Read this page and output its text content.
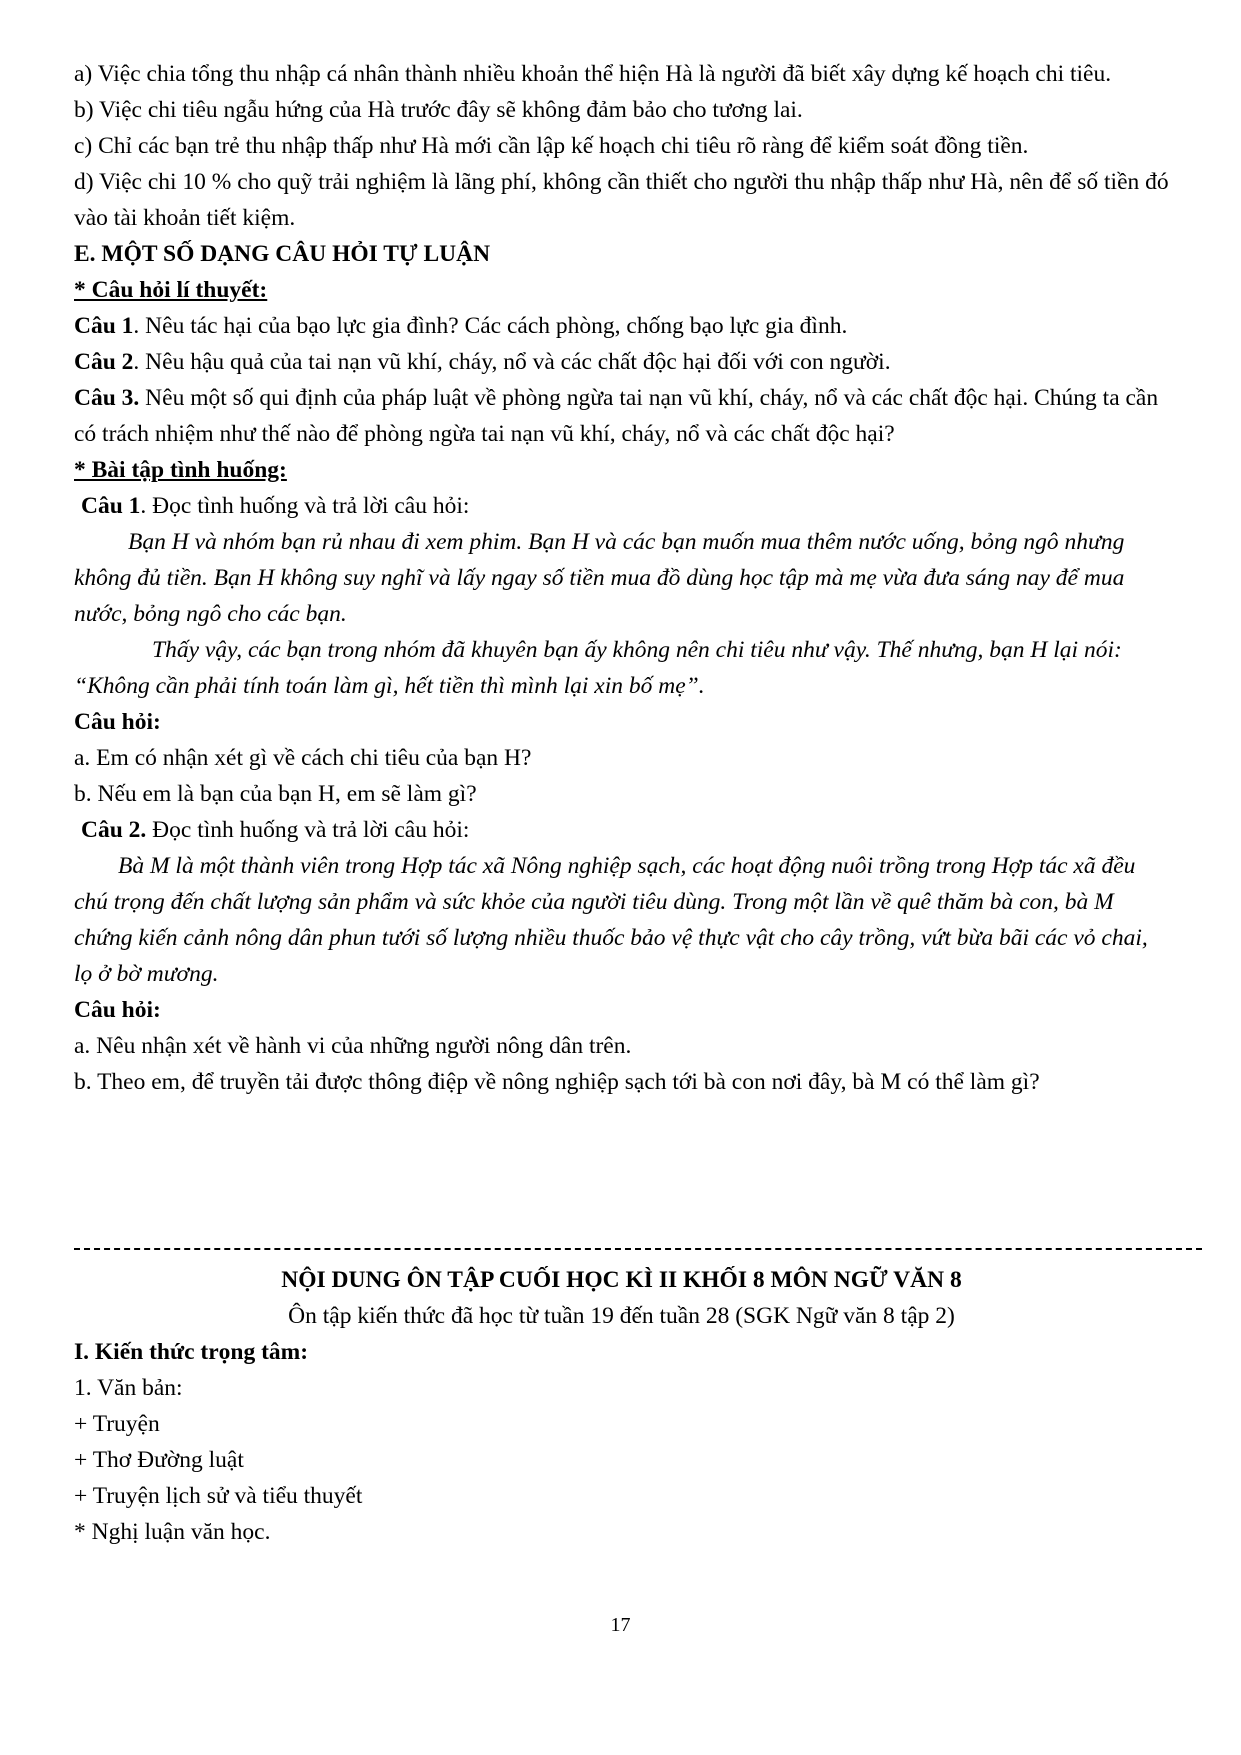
a) Việc chia tổng thu nhập cá nhân thành nhiều khoản thể hiện Hà là người đã biết xây dựng kế hoạch chi tiêu.

b) Việc chi tiêu ngẫu hứng của Hà trước đây sẽ không đảm bảo cho tương lai.

c) Chỉ các bạn trẻ thu nhập thấp như Hà mới cần lập kế hoạch chi tiêu rõ ràng để kiểm soát đồng tiền.

d) Việc chi 10 % cho quỹ trải nghiệm là lãng phí, không cần thiết cho người thu nhập thấp như Hà, nên để số tiền đó vào tài khoản tiết kiệm.

E. MỘT SỐ DẠNG CÂU HỎI TỰ LUẬN

* Câu hỏi lí thuyết:

Câu 1. Nêu tác hại của bạo lực gia đình? Các cách phòng, chống bạo lực gia đình.

Câu 2. Nêu hậu quả của tai nạn vũ khí, cháy, nổ và các chất độc hại đối với con người.

Câu 3. Nêu một số qui định của pháp luật về phòng ngừa tai nạn vũ khí, cháy, nổ và các chất độc hại. Chúng ta cần có trách nhiệm như thế nào để phòng ngừa tai nạn vũ khí, cháy, nổ và các chất độc hại?

* Bài tập tình huống:

Câu 1. Đọc tình huống và trả lời câu hỏi:

Bạn H và nhóm bạn rủ nhau đi xem phim. Bạn H và các bạn muốn mua thêm nước uống, bỏng ngô nhưng không đủ tiền. Bạn H không suy nghĩ và lấy ngay số tiền mua đồ dùng học tập mà mẹ vừa đưa sáng nay để mua nước, bỏng ngô cho các bạn.

Thấy vậy, các bạn trong nhóm đã khuyên bạn ấy không nên chi tiêu như vậy. Thế nhưng, bạn H lại nói: “Không cần phải tính toán làm gì, hết tiền thì mình lại xin bố mẹ”.

Câu hỏi:

a. Em có nhận xét gì về cách chi tiêu của bạn H?

b. Nếu em là bạn của bạn H, em sẽ làm gì?

Câu 2. Đọc tình huống và trả lời câu hỏi:

Bà M là một thành viên trong Hợp tác xã Nông nghiệp sạch, các hoạt động nuôi trồng trong Hợp tác xã đều chú trọng đến chất lượng sản phẩm và sức khỏe của người tiêu dùng. Trong một lần về quê thăm bà con, bà M chứng kiến cảnh nông dân phun tưới số lượng nhiều thuốc bảo vệ thực vật cho cây trồng, vứt bừa bãi các vỏ chai, lọ ở bờ mương.

Câu hỏi:

a. Nêu nhận xét về hành vi của những người nông dân trên.

b. Theo em, để truyền tải được thông điệp về nông nghiệp sạch tới bà con nơi đây, bà M có thể làm gì?

NỘI DUNG ÔN TẬP CUỐI HỌC KÌ II KHỐI 8 MÔN NGỮ VĂN 8

Ôn tập kiến thức đã học từ tuần 19 đến tuần 28 (SGK Ngữ văn 8 tập 2)

I. Kiến thức trọng tâm:

1. Văn bản:

+ Truyện

+ Thơ Đường luật

+ Truyện lịch sử và tiểu thuyết

* Nghị luận văn học.

17
